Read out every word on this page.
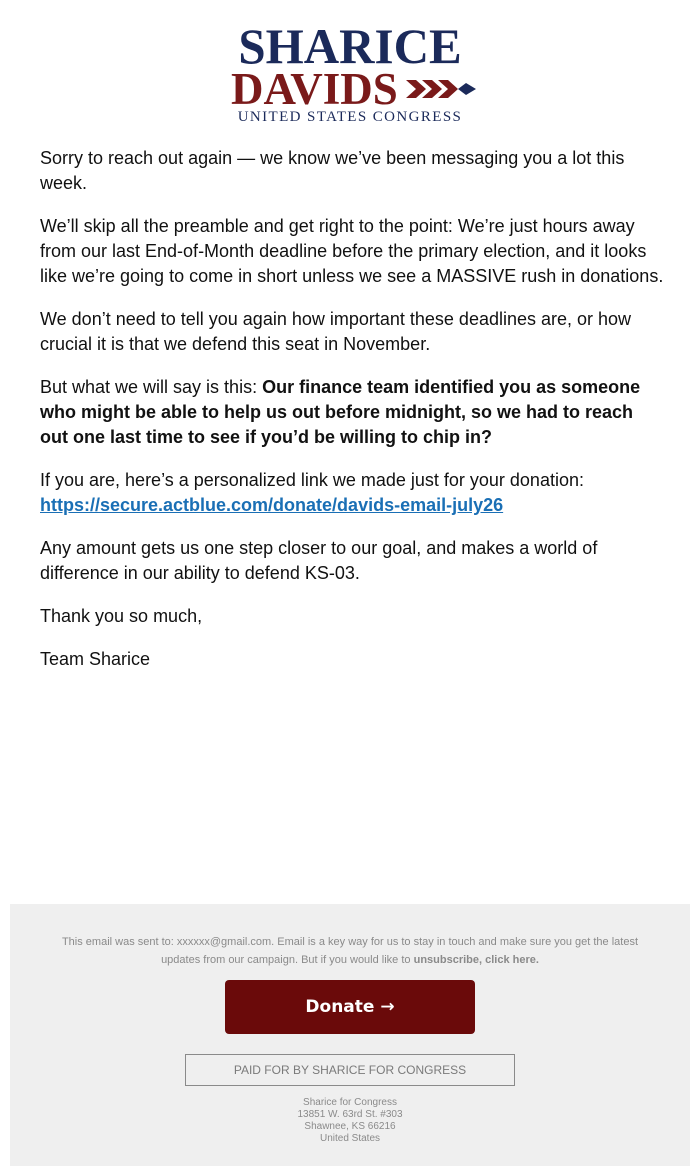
SHARICE
DAVIDS
UNITED STATES CONGRESS

Sorry to reach out again — we know we’ve been messaging you a lot this week.

We’ll skip all the preamble and get right to the point: We’re just hours away from our last End-of-Month deadline before the primary election, and it looks like we’re going to come in short unless we see a MASSIVE rush in donations.

We don’t need to tell you again how important these deadlines are, or how crucial it is that we defend this seat in November.

But what we will say is this: Our finance team identified you as someone who might be able to help us out before midnight, so we had to reach out one last time to see if you’d be willing to chip in?

If you are, here’s a personalized link we made just for your donation:
https://secure.actblue.com/donate/davids-email-july26

Any amount gets us one step closer to our goal, and makes a world of difference in our ability to defend KS-03.

Thank you so much,

Team Sharice

This email was sent to: xxxxxx@gmail.com. Email is a key way for us to stay in touch and make sure you get the latest updates from our campaign. But if you would like to unsubscribe, click here.
Donate →
PAID FOR BY SHARICE FOR CONGRESS
Sharice for Congress
13851 W. 63rd St. #303
Shawnee, KS 66216
United States
